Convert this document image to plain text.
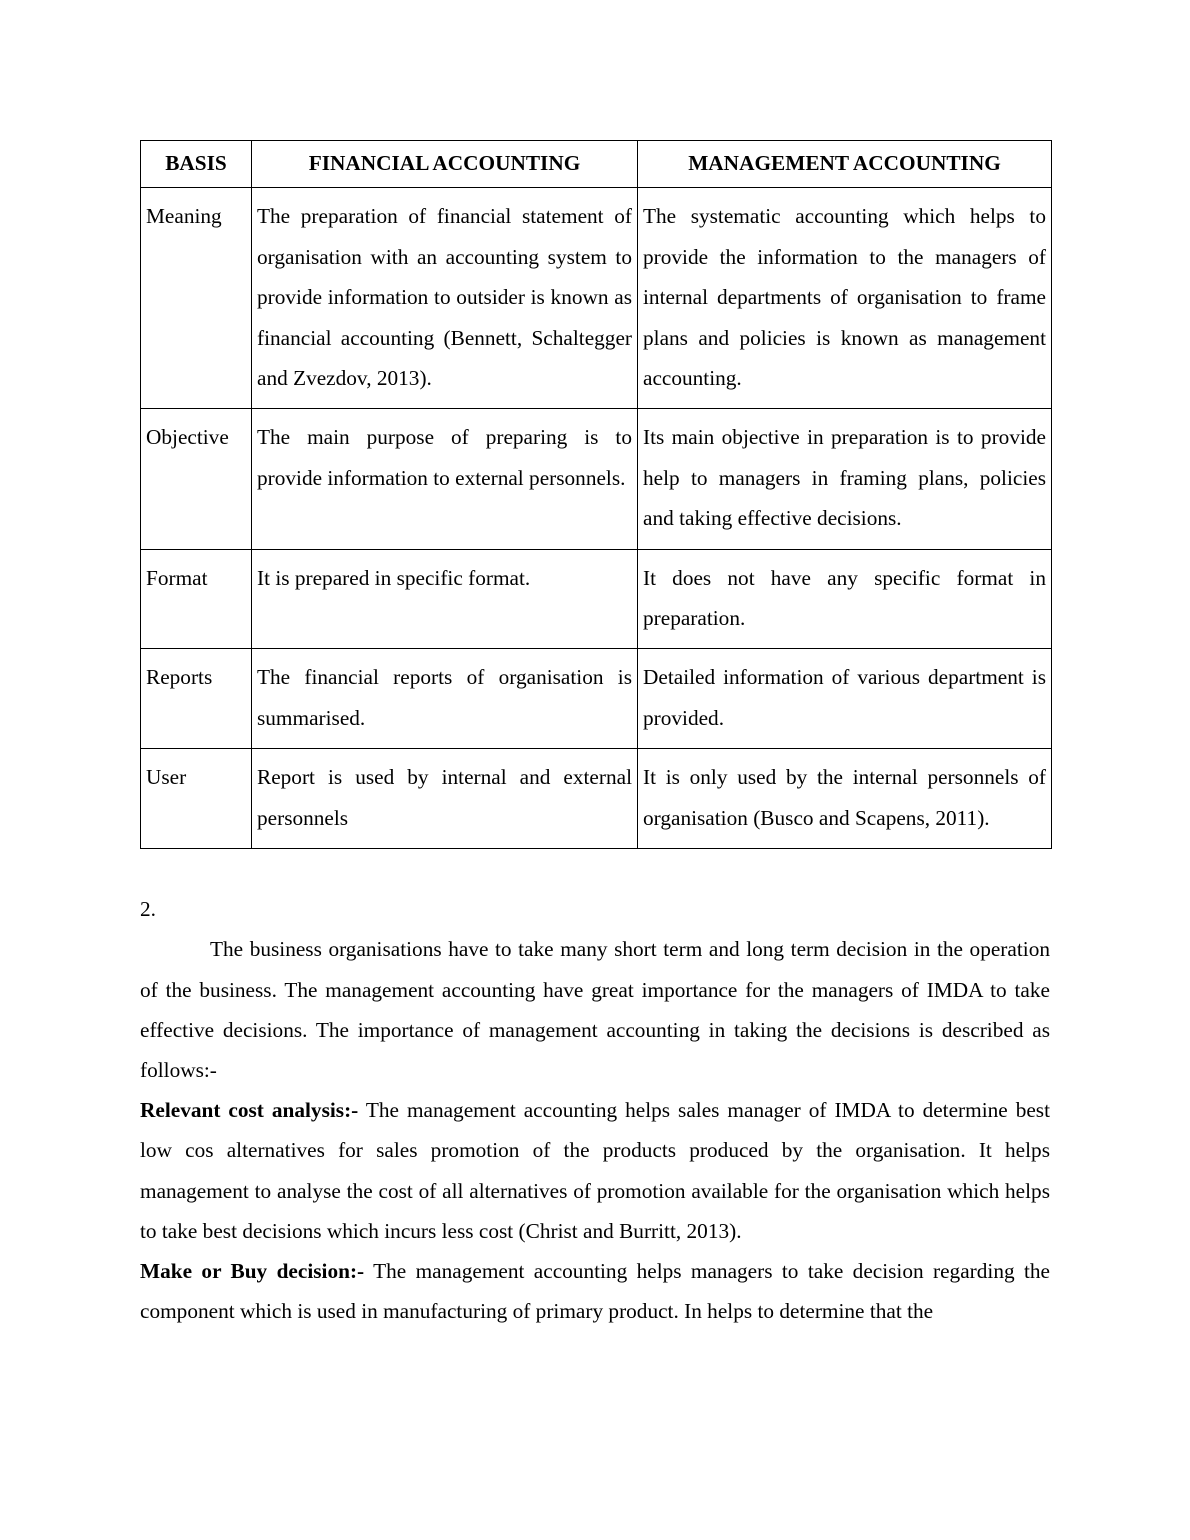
BASIS	FINANCIAL ACCOUNTING	MANAGEMENT ACCOUNTING
Meaning	The preparation of financial statement of organisation with an accounting system to provide information to outsider is known as financial accounting (Bennett, Schaltegger and Zvezdov, 2013).	The systematic accounting which helps to provide the information to the managers of internal departments of organisation to frame plans and policies is known as management accounting.
Objective	The main purpose of preparing is to provide information to external personnels.	Its main objective in preparation is to provide help to managers in framing plans, policies and taking effective decisions.
Format	It is prepared in specific format.	It does not have any specific format in preparation.
Reports	The financial reports of organisation is summarised.	Detailed information of various department is provided.
User	Report is used by internal and external personnels	It is only used by the internal personnels of organisation (Busco and Scapens, 2011).

2.

The business organisations have to take many short term and long term decision in the operation of the business. The management accounting have great importance for the managers of IMDA to take effective decisions. The importance of management accounting in taking the decisions is described as follows:-

Relevant cost analysis:- The management accounting helps sales manager of IMDA to determine best low cos alternatives for sales promotion of the products produced by the organisation. It helps management to analyse the cost of all alternatives of promotion available for the organisation which helps to take best decisions which incurs less cost (Christ and Burritt, 2013).

Make or Buy decision:- The management accounting helps managers to take decision regarding the component which is used in manufacturing of primary product. In helps to determine that the
